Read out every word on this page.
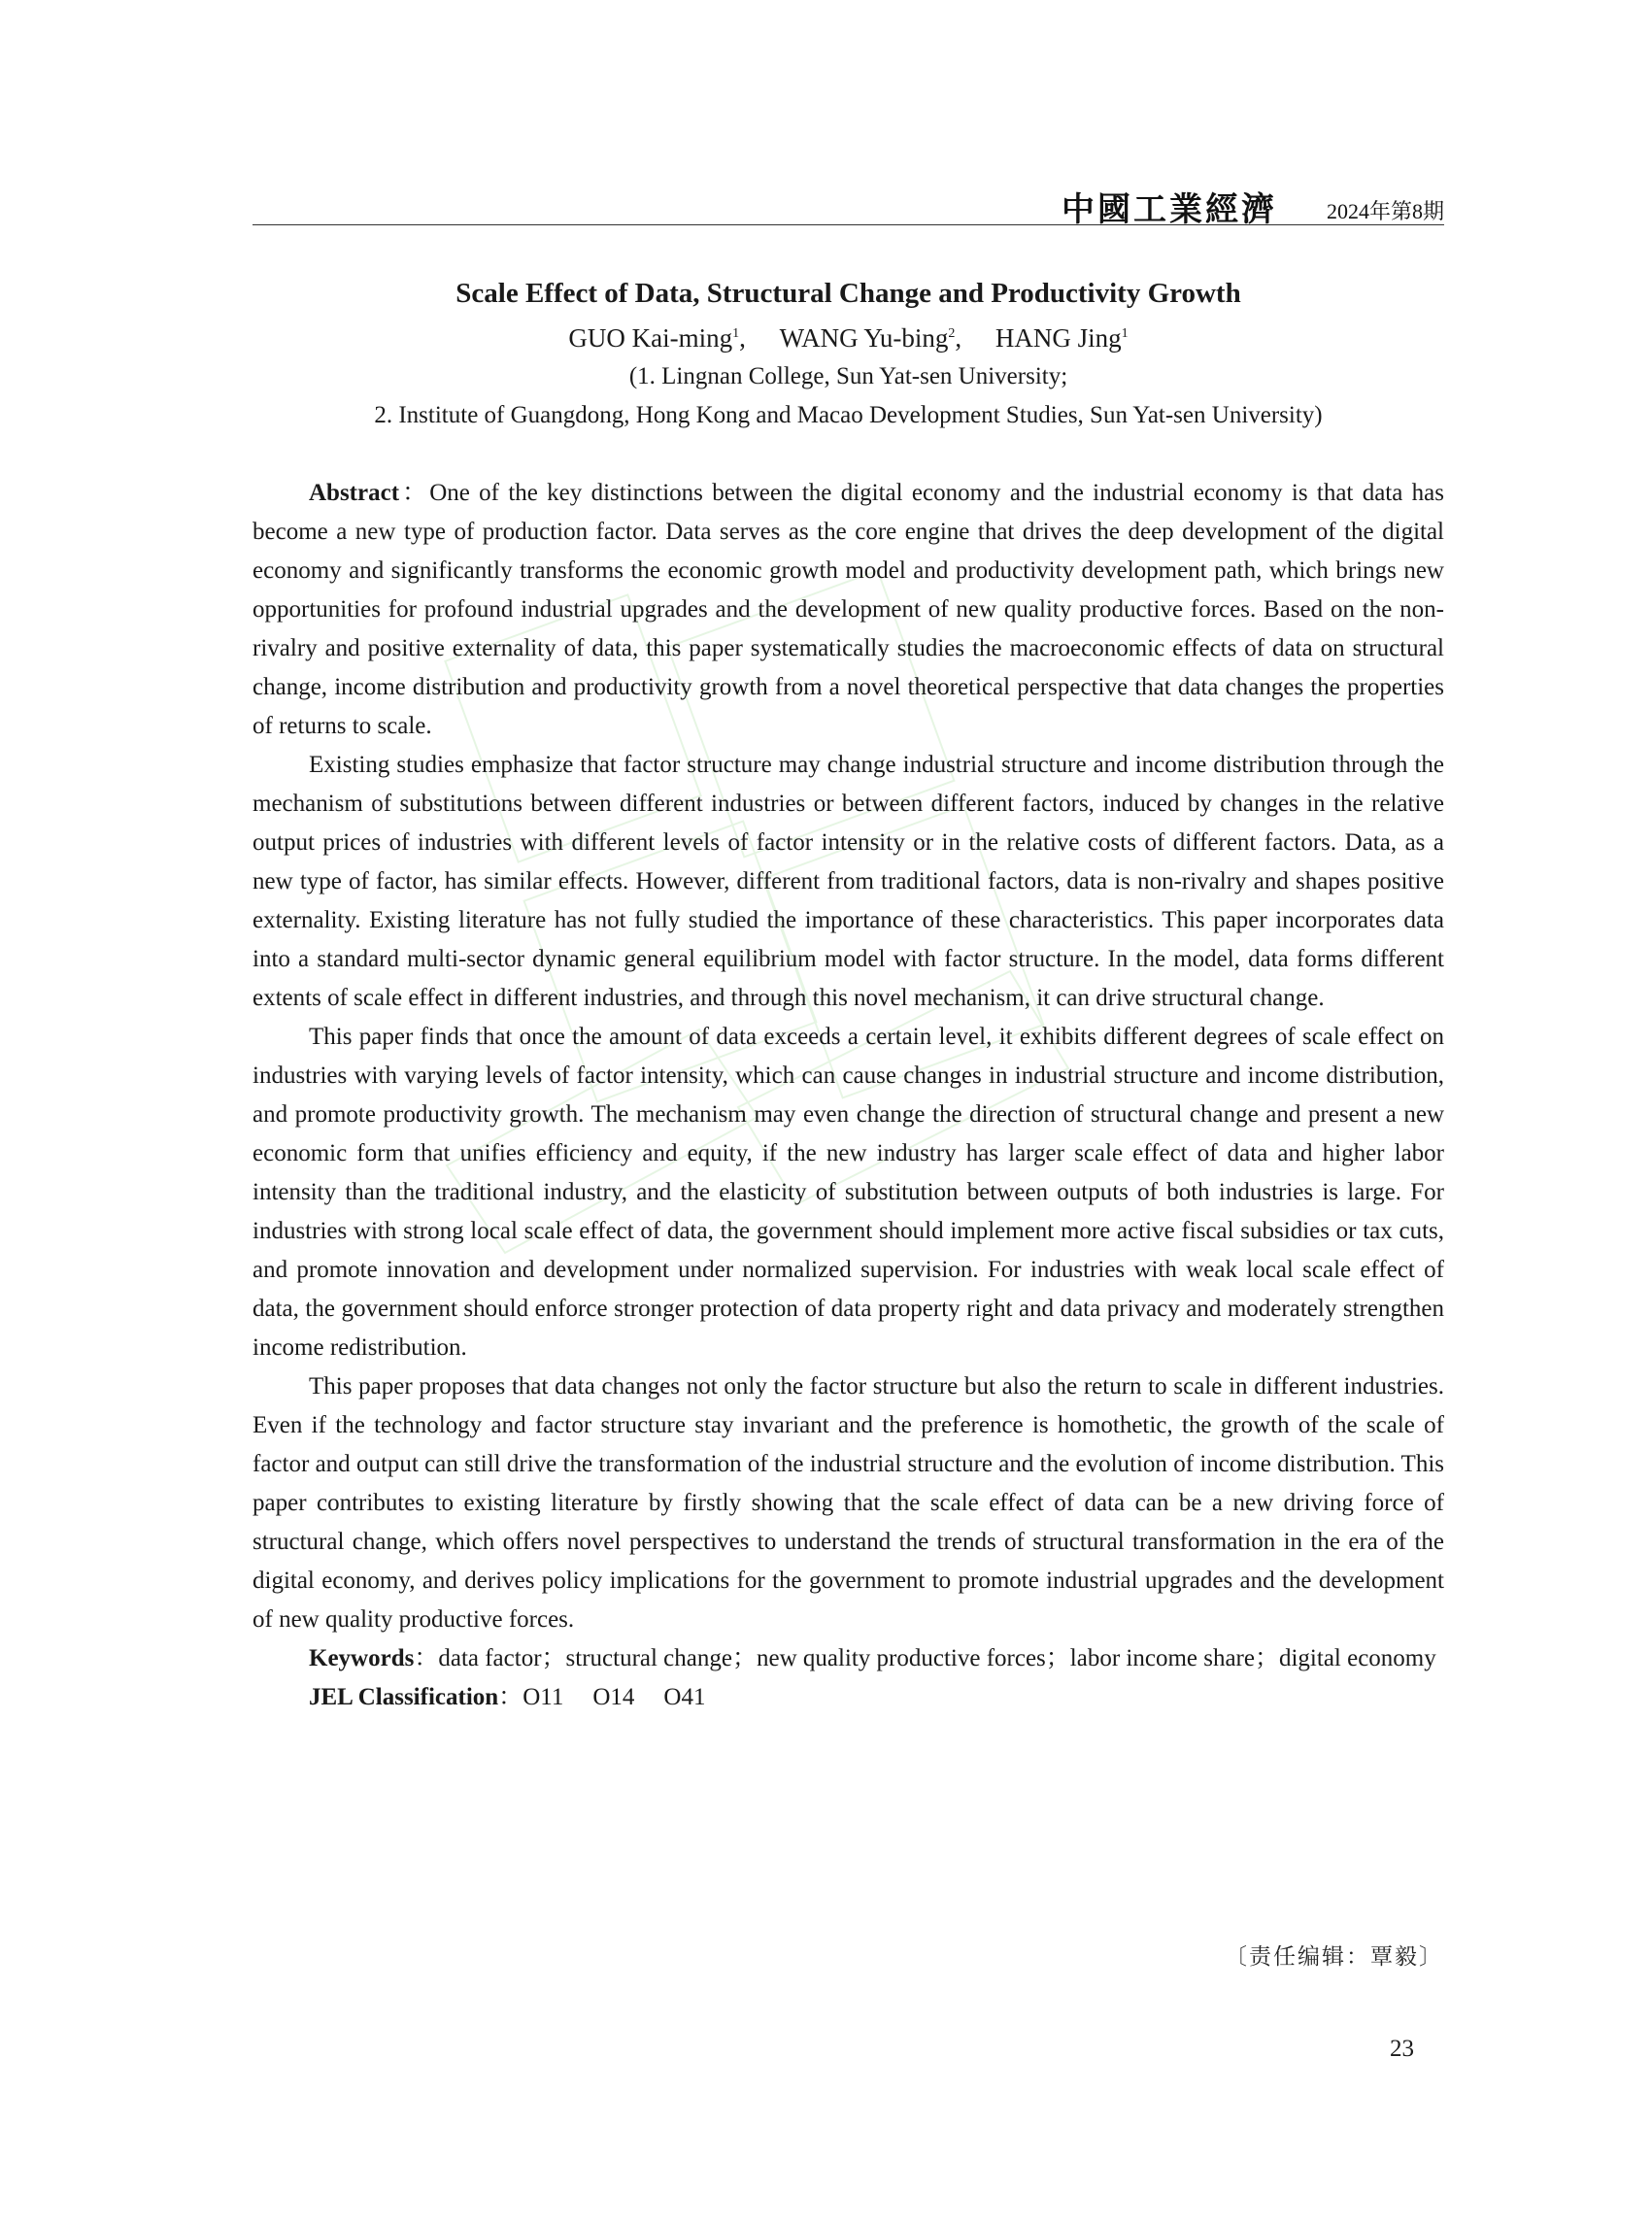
中國工業經濟 2024年第8期
Scale Effect of Data, Structural Change and Productivity Growth
GUO Kai-ming$^1$, WANG Yu-bing$^2$, HANG Jing$^1$
(1. Lingnan College, Sun Yat-sen University;
2. Institute of Guangdong, Hong Kong and Macao Development Studies, Sun Yat-sen University)

Abstract：One of the key distinctions between the digital economy and the industrial economy is that data has become a new type of production factor. Data serves as the core engine that drives the deep development of the digital economy and significantly transforms the economic growth model and productivity development path, which brings new opportunities for profound industrial upgrades and the development of new quality productive forces. Based on the non-rivalry and positive externality of data, this paper systematically studies the macroeconomic effects of data on structural change, income distribution and productivity growth from a novel theoretical perspective that data changes the properties of returns to scale.

Existing studies emphasize that factor structure may change industrial structure and income distribution through the mechanism of substitutions between different industries or between different factors, induced by changes in the relative output prices of industries with different levels of factor intensity or in the relative costs of different factors. Data, as a new type of factor, has similar effects. However, different from traditional factors, data is non-rivalry and shapes positive externality. Existing literature has not fully studied the importance of these characteristics. This paper incorporates data into a standard multi-sector dynamic general equilibrium model with factor structure. In the model, data forms different extents of scale effect in different industries, and through this novel mechanism, it can drive structural change.

This paper finds that once the amount of data exceeds a certain level, it exhibits different degrees of scale effect on industries with varying levels of factor intensity, which can cause changes in industrial structure and income distribution, and promote productivity growth. The mechanism may even change the direction of structural change and present a new economic form that unifies efficiency and equity, if the new industry has larger scale effect of data and higher labor intensity than the traditional industry, and the elasticity of substitution between outputs of both industries is large. For industries with strong local scale effect of data, the government should implement more active fiscal subsidies or tax cuts, and promote innovation and development under normalized supervision. For industries with weak local scale effect of data, the government should enforce stronger protection of data property right and data privacy and moderately strengthen income redistribution.

This paper proposes that data changes not only the factor structure but also the return to scale in different industries. Even if the technology and factor structure stay invariant and the preference is homothetic, the growth of the scale of factor and output can still drive the transformation of the industrial structure and the evolution of income distribution. This paper contributes to existing literature by firstly showing that the scale effect of data can be a new driving force of structural change, which offers novel perspectives to understand the trends of structural transformation in the era of the digital economy, and derives policy implications for the government to promote industrial upgrades and the development of new quality productive forces.

Keywords：data factor；structural change；new quality productive forces；labor income share；digital economy

JEL Classification：O11 O14 O41

〔责任编辑：覃毅〕
23
